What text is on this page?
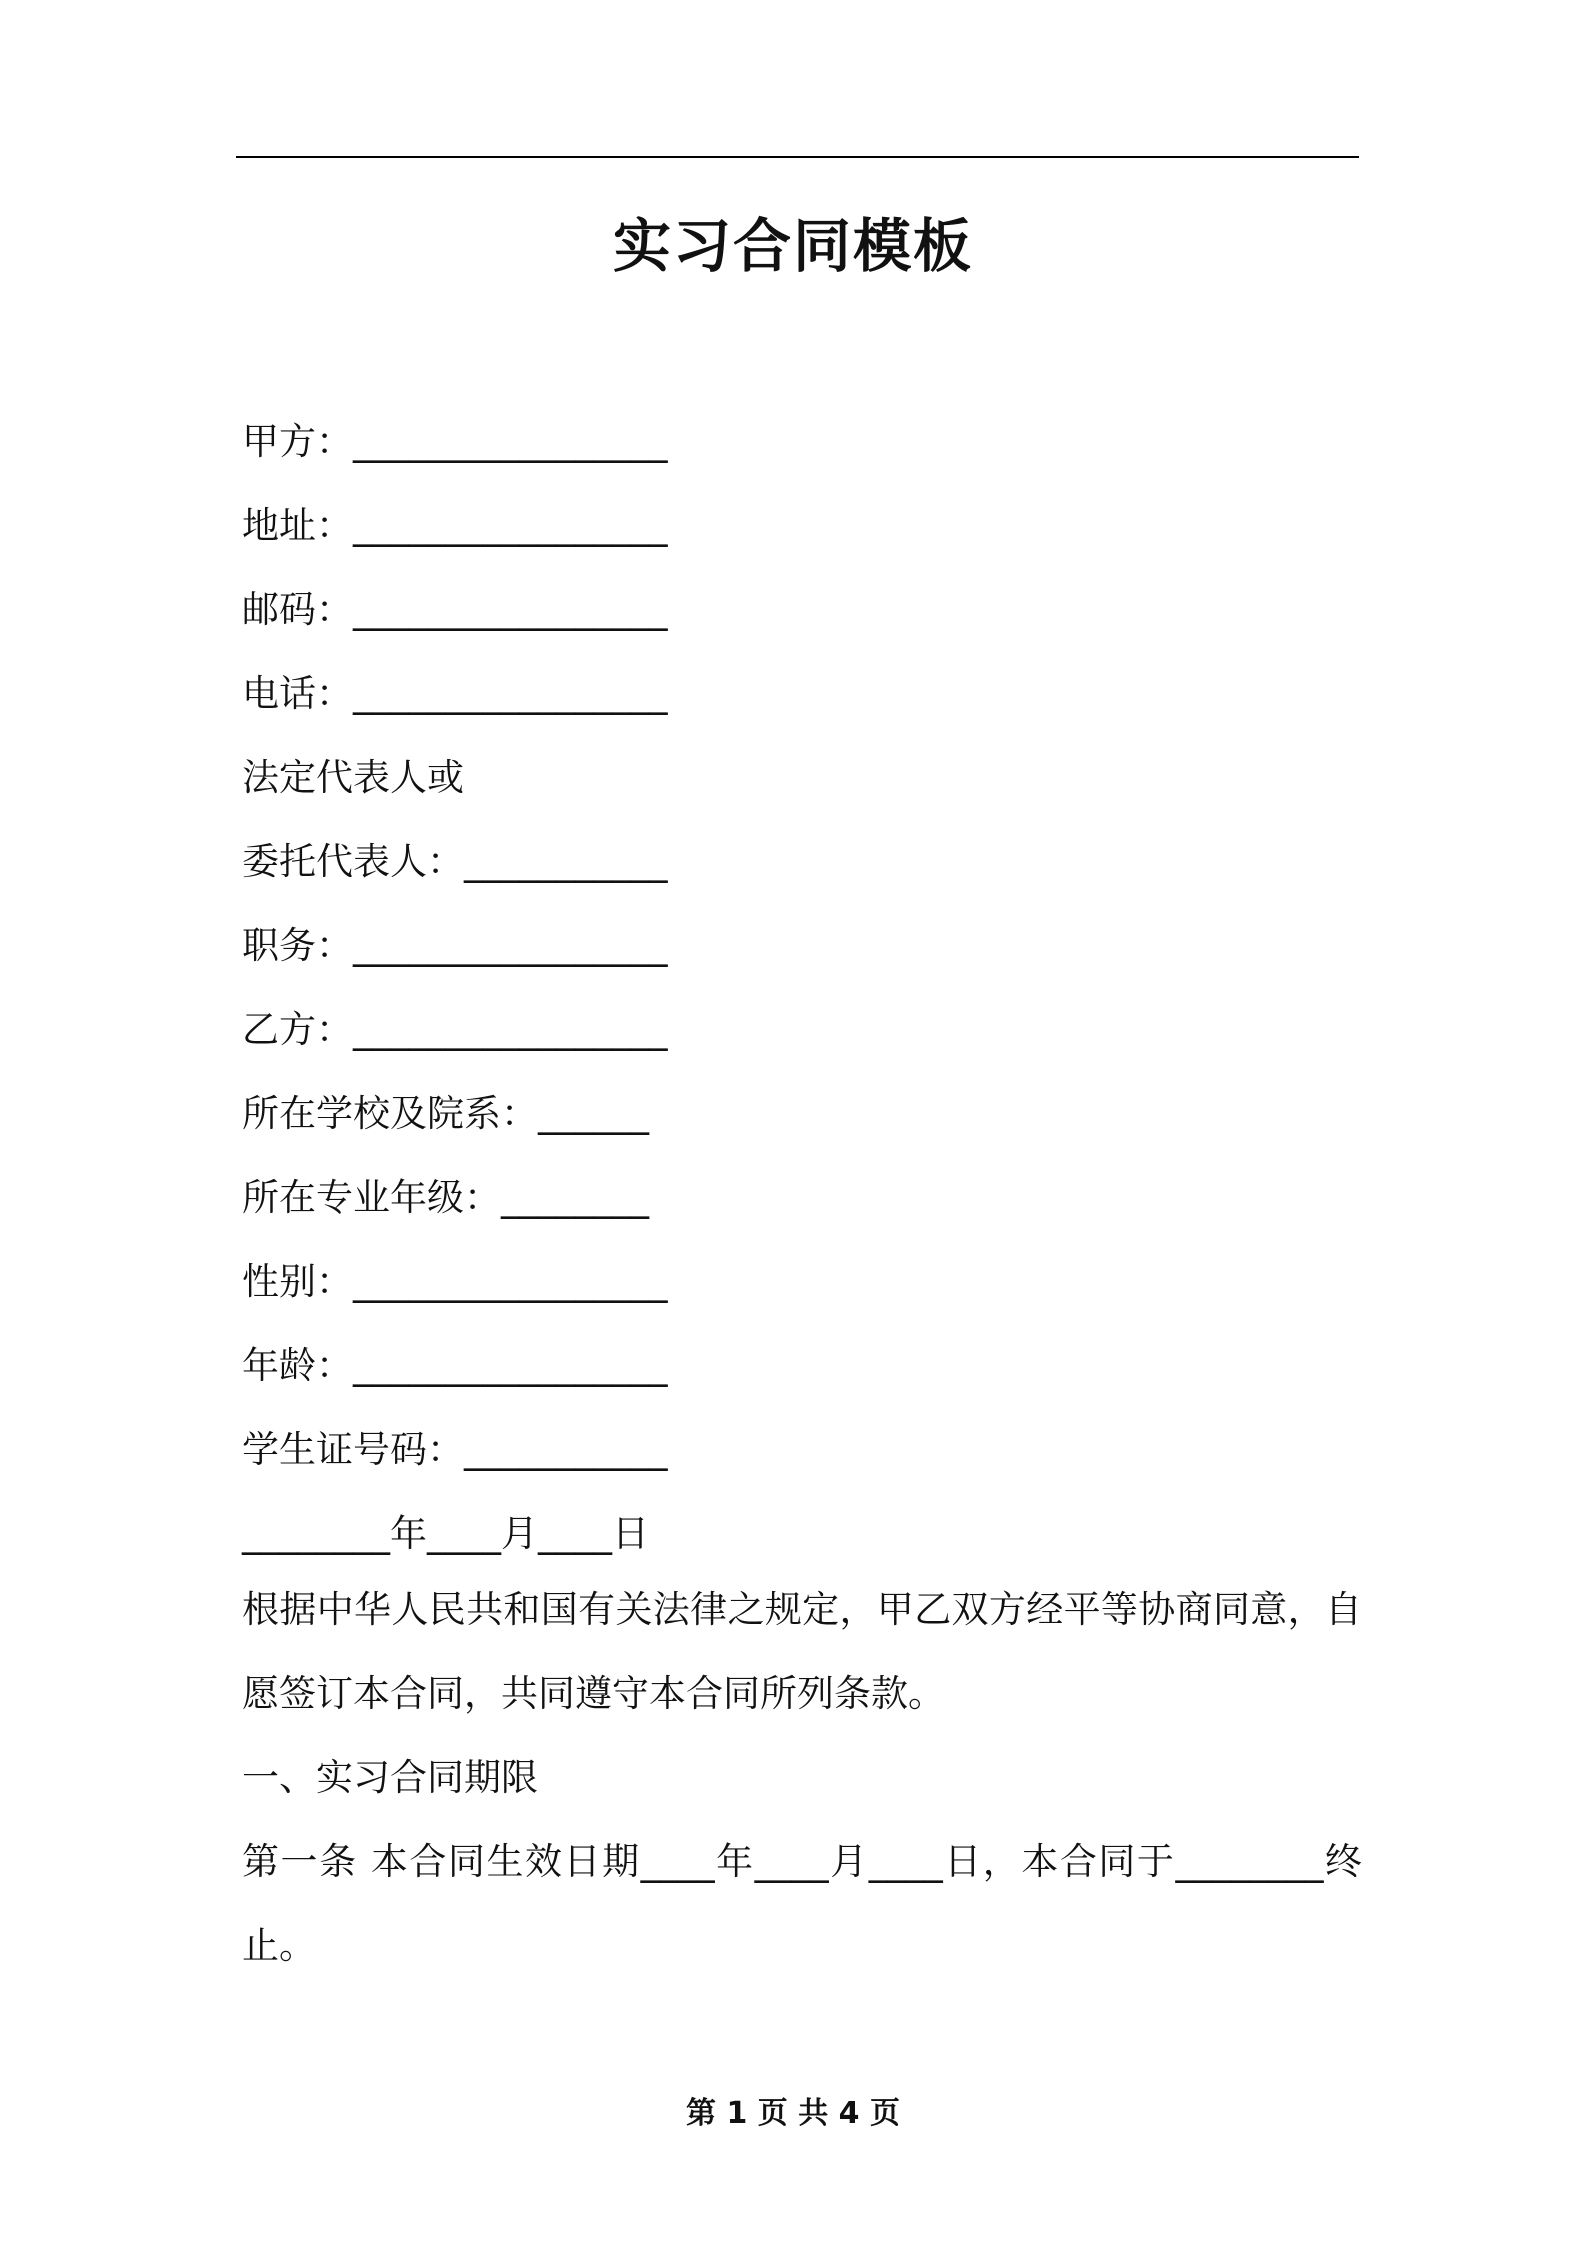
实习合同模板
甲方：_________________
地址：_________________
邮码：_________________
电话：_________________
法定代表人或
委托代表人：___________
职务：_________________
乙方：_________________
所在学校及院系：______
所在专业年级：________
性别：_________________
年龄：_________________
学生证号码：___________
________年____月____日
根据中华人民共和国有关法律之规定，甲乙双方经平等协商同意，自愿签订本合同，共同遵守本合同所列条款。
一、实习合同期限
第一条 本合同生效日期____年____月____日，本合同于________终止。
第 1 页 共 4 页
